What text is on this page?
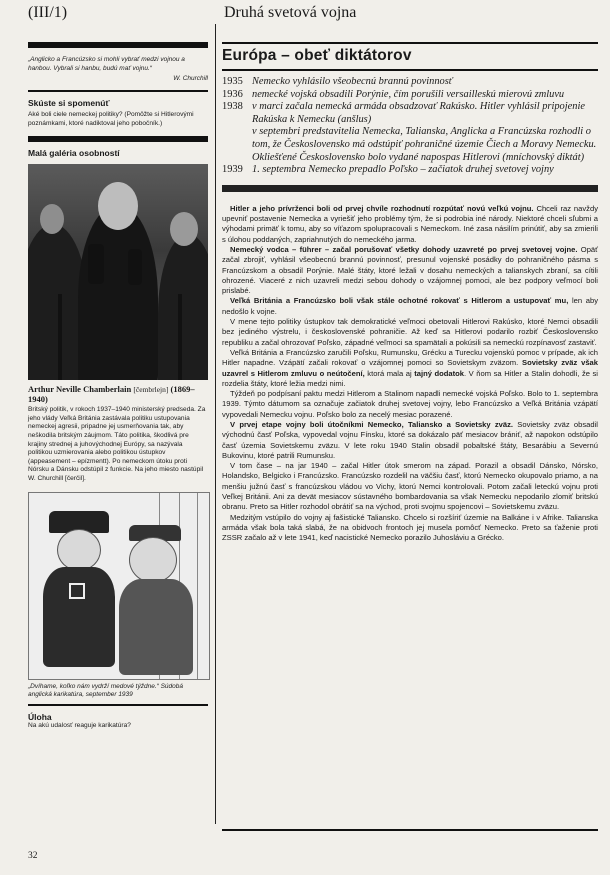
(III/1)	Druhá svetová vojna
„Anglicko a Francúzsko si mohli vybrať medzi vojnou a hanbou. Vybrali si hanbu, budú mať vojnu.“
W. Churchill
Skúste si spomenúť
Aké boli ciele nemeckej politiky? (Pomôžte si Hitlerovými poznámkami, ktoré nadiktoval jeho pobočník.)
Malá galéria osobností
Arthur Neville Chamberlain [čembrlejn] (1869–1940)
Britský politik, v rokoch 1937–1940 ministerský predseda. Za jeho vlády Veľká Británia zastávala politiku ustupovania nemeckej agresii, pripadne jej usmerňovania tak, aby neškodila britským záujmom. Táto politika, škodlivá pre krajiny strednej a juhovýchodnej Európy, sa nazývala politikou uzmierovania alebo politikou ústupkov (appeasement – epízmentt). Po nemeckom útoku proti Nórsku a Dánsku odstúpil z funkcie. Na jeho miesto nastúpil W. Churchill [čerčil].
„Dvíhame, koľko nám vydrží medové týždne.“ Súdobá anglická karikatúra, september 1939
Úloha
Na akú udalosť reaguje karikatúra?
Európa – obeť diktátorov
1935 Nemecko vyhlásilo všeobecnú brannú povinnosť
1936 nemecké vojská obsadili Porýnie, čím porušili versailleskú mierovú zmluvu
1938 v marci začala nemecká armáda obsadzovať Rakúsko. Hitler vyhlásil pripojenie Rakúska k Nemecku (anšlus)
v septembri predstavitelia Nemecka, Talianska, Anglicka a Francúzska rozhodli o tom, že Československo má odstúpiť pohraničné územie Čiech a Moravy Nemecku. Okliešťené Československo bolo vydané napospas Hitlerovi (mníchovský diktát)
1939 1. septembra Nemecko prepadlo Poľsko – začiatok druhej svetovej vojny

Hitler a jeho prívrženci boli od prvej chvíle rozhodnutí rozpútať novú veľkú vojnu. Chceli raz navždy upevniť postavenie Nemecka a vyriešiť jeho problémy tým, že si podrobia iné národy. Niektoré chceli sľubmi a výhodami primäť k tomu, aby so víťazom spolupracovali s Nemeckom. Iné zasa násilím prinútiť, aby sa zmierili s úlohou poddaných, zapriahnutých do nemeckého jarma.

Nemecký vodca – führer – začal porušovať všetky dohody uzavreté po prvej svetovej vojne. Opäť začal zbrojiť, vyhlásil všeobecnú brannú povinnosť, presunul vojenské posádky do pohraničného pásma s Francúzskom a obsadil Porýnie. Malé štáty, ktoré ležali v dosahu nemeckých a talianskych zbraní, sa cítili ohrozené. Viaceré z nich uzavreli medzi sebou dohody o vzájomnej pomoci, ale bez podpory veľmocí boli prislabé.

Veľká Británia a Francúzsko boli však stále ochotné rokovať s Hitlerom a ustupovať mu, len aby nedošlo k vojne.

V mene tejto politiky ústupkov tak demokratické veľmoci obetovali Hitlerovi Rakúsko, ktoré Nemci obsadili bez jediného výstrelu, i československé pohraničie. Až keď sa Hitlerovi podarilo rozbiť Československo republiku a začal ohrozovať Poľsko, západné veľmoci sa spamätali a pokúsili sa nemeckú rozpínavosť zastaviť.

Veľká Británia a Francúzsko zaručili Poľsku, Rumunsku, Grécku a Turecku vojenskú pomoc v prípade, ak ich Hitler napadne. Vzápätí začali rokovať o vzájomnej pomoci so Sovietskym zväzom. Sovietsky zväz však uzavrel s Hitlerom zmluvu o neútočení, ktorá mala aj tajný dodatok. V ňom sa Hitler a Stalin dohodli, že si rozdelia štáty, ktoré ležia medzi nimi.

Týždeň po podpísaní paktu medzi Hitlerom a Stalinom napadli nemecké vojská Poľsko. Bolo to 1. septembra 1939. Týmto dátumom sa označuje začiatok druhej svetovej vojny, lebo Francúzsko a Veľká Británia vzápätí vypovedali Nemecku vojnu. Poľsko bolo za necelý mesiac porazené.

V prvej etape vojny boli útočníkmi Nemecko, Taliansko a Sovietsky zväz. Sovietsky zväz obsadil východnú časť Poľska, vypovedal vojnu Fínsku, ktoré sa dokázalo päť mesiacov brániť, až napokon odstúpilo časť územia Sovietskemu zväzu. V lete roku 1940 Stalin obsadil pobaltské štáty, Besarábiu a Severnú Bukovinu, ktoré patrili Rumunsku.

V tom čase – na jar 1940 – začal Hitler útok smerom na západ. Porazil a obsadil Dánsko, Nórsko, Holandsko, Belgicko i Francúzsko. Francúzsko rozdelil na väčšiu časť, ktorú Nemecko okupovalo priamo, a na menšiu južnú časť s francúzskou vládou vo Vichy, ktorú Nemci kontrolovali. Potom začali leteckú vojnu proti Veľkej Británii. Ani za devät mesiacov sústavného bombardovania sa však Nemecku nepodarilo zlomiť britskú obranu. Preto sa Hitler rozhodol obrátiť sa na východ, proti svojmu spojencovi – Sovietskemu zväzu.

Medzitým vstúpilo do vojny aj fašistické Taliansko. Chcelo si rozšíriť územie na Balkáne i v Afrike. Talianska armáda však bola taká slabá, že na obidvoch frontoch jej musela pomôcť Nemecko. Preto sa ťaženie proti ZSSR začalo až v lete 1941, keď nacistické Nemecko porazilo Juhosláviu a Grécko.

32
